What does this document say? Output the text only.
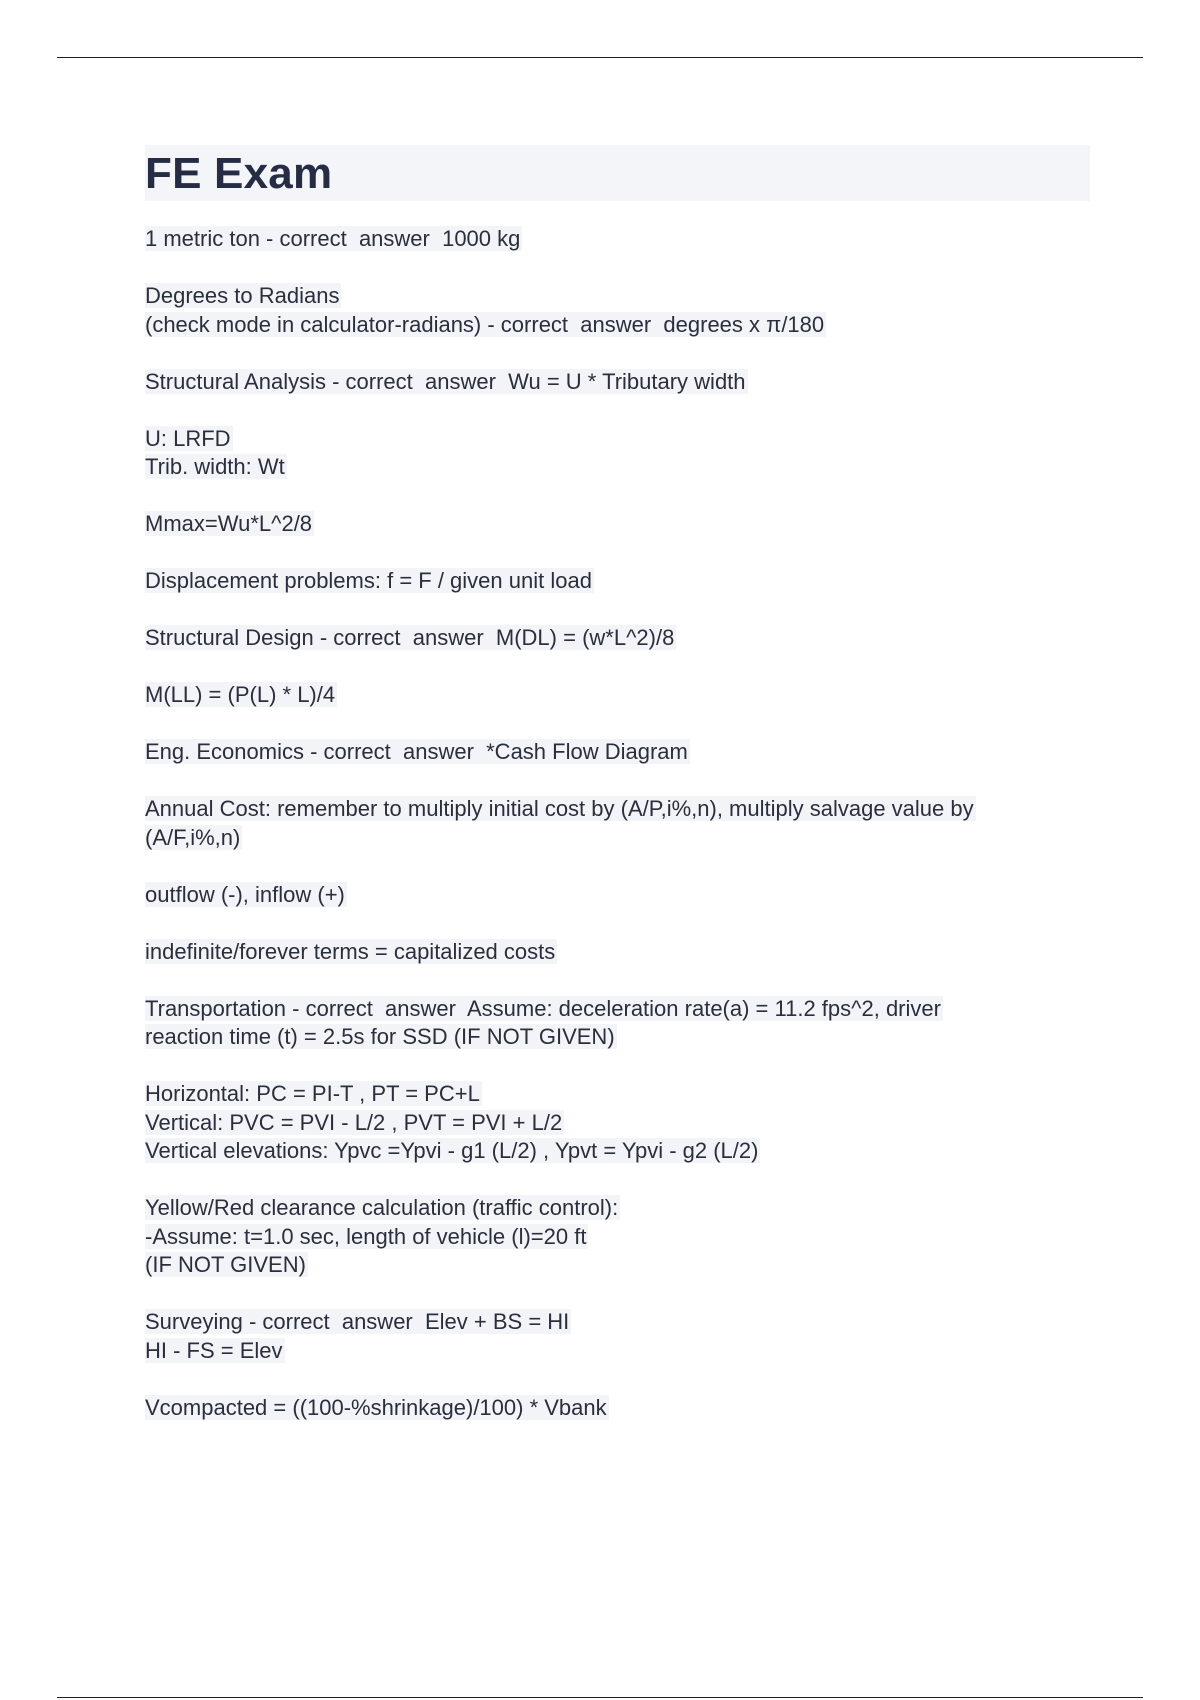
FE Exam
1 metric ton - correct  answer  1000 kg
Degrees to Radians
(check mode in calculator-radians) - correct  answer  degrees x π/180
Structural Analysis - correct  answer  Wu = U * Tributary width
U: LRFD
Trib. width: Wt
Mmax=Wu*L^2/8
Displacement problems: f = F / given unit load
Structural Design - correct  answer  M(DL) = (w*L^2)/8
M(LL) = (P(L) * L)/4
Eng. Economics - correct  answer  *Cash Flow Diagram
Annual Cost: remember to multiply initial cost by (A/P,i%,n), multiply salvage value by
(A/F,i%,n)
outflow (-), inflow (+)
indefinite/forever terms = capitalized costs
Transportation - correct  answer  Assume: deceleration rate(a) = 11.2 fps^2, driver
reaction time (t) = 2.5s for SSD (IF NOT GIVEN)
Horizontal: PC = PI-T , PT = PC+L
Vertical: PVC = PVI - L/2 , PVT = PVI + L/2
Vertical elevations: Ypvc =Ypvi - g1 (L/2) , Ypvt = Ypvi - g2 (L/2)
Yellow/Red clearance calculation (traffic control):
-Assume: t=1.0 sec, length of vehicle (l)=20 ft
(IF NOT GIVEN)
Surveying - correct  answer  Elev + BS = HI
HI - FS = Elev
Vcompacted = ((100-%shrinkage)/100) * Vbank
